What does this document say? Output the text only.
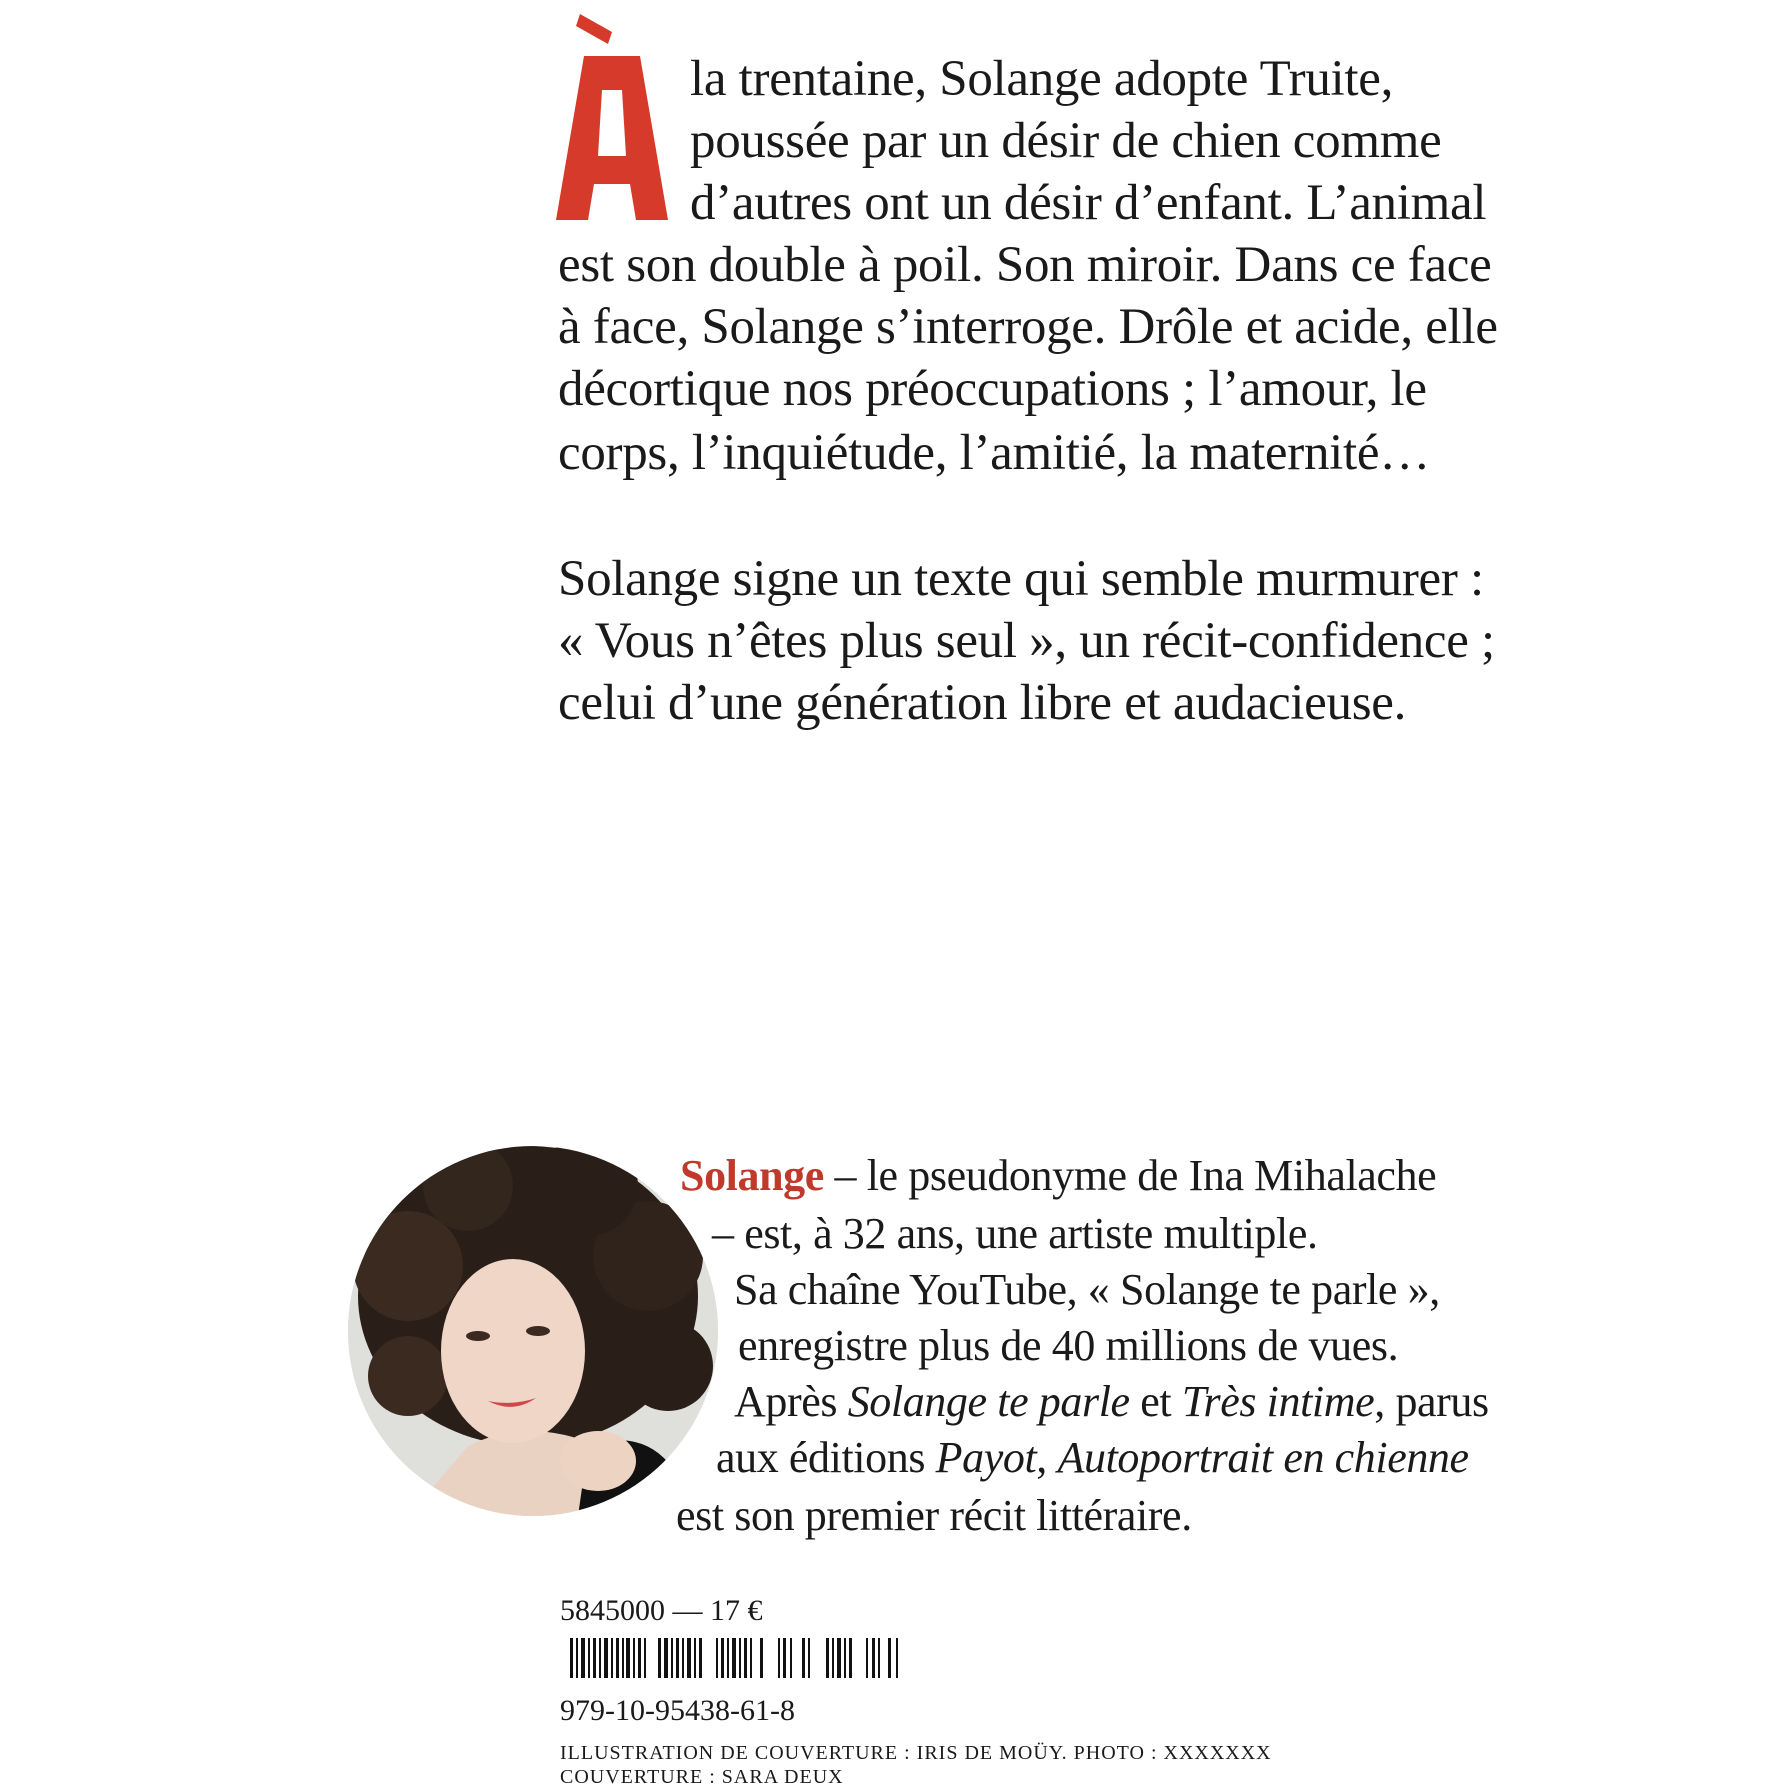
la trentaine, Solange adopte Truite,
poussée par un désir de chien comme
d’autres ont un désir d’enfant. L’animal
est son double à poil. Son miroir. Dans ce face
à face, Solange s’interroge. Drôle et acide, elle
décortique nos préoccupations ; l’amour, le
corps, l’inquiétude, l’amitié, la maternité…
Solange signe un texte qui semble murmurer :
« Vous n’êtes plus seul », un récit-confidence ;
celui d’une génération libre et audacieuse.
Solange – le pseudonyme de Ina Mihalache
– est, à 32 ans, une artiste multiple.
Sa chaîne YouTube, « Solange te parle »,
enregistre plus de 40 millions de vues.
Après Solange te parle et Très intime, parus
aux éditions Payot, Autoportrait en chienne
est son premier récit littéraire.
5845000 — 17 €
979-10-95438-61-8
ILLUSTRATION DE COUVERTURE : IRIS DE MOÜY. PHOTO : XXXXXXX
COUVERTURE : SARA DEUX
